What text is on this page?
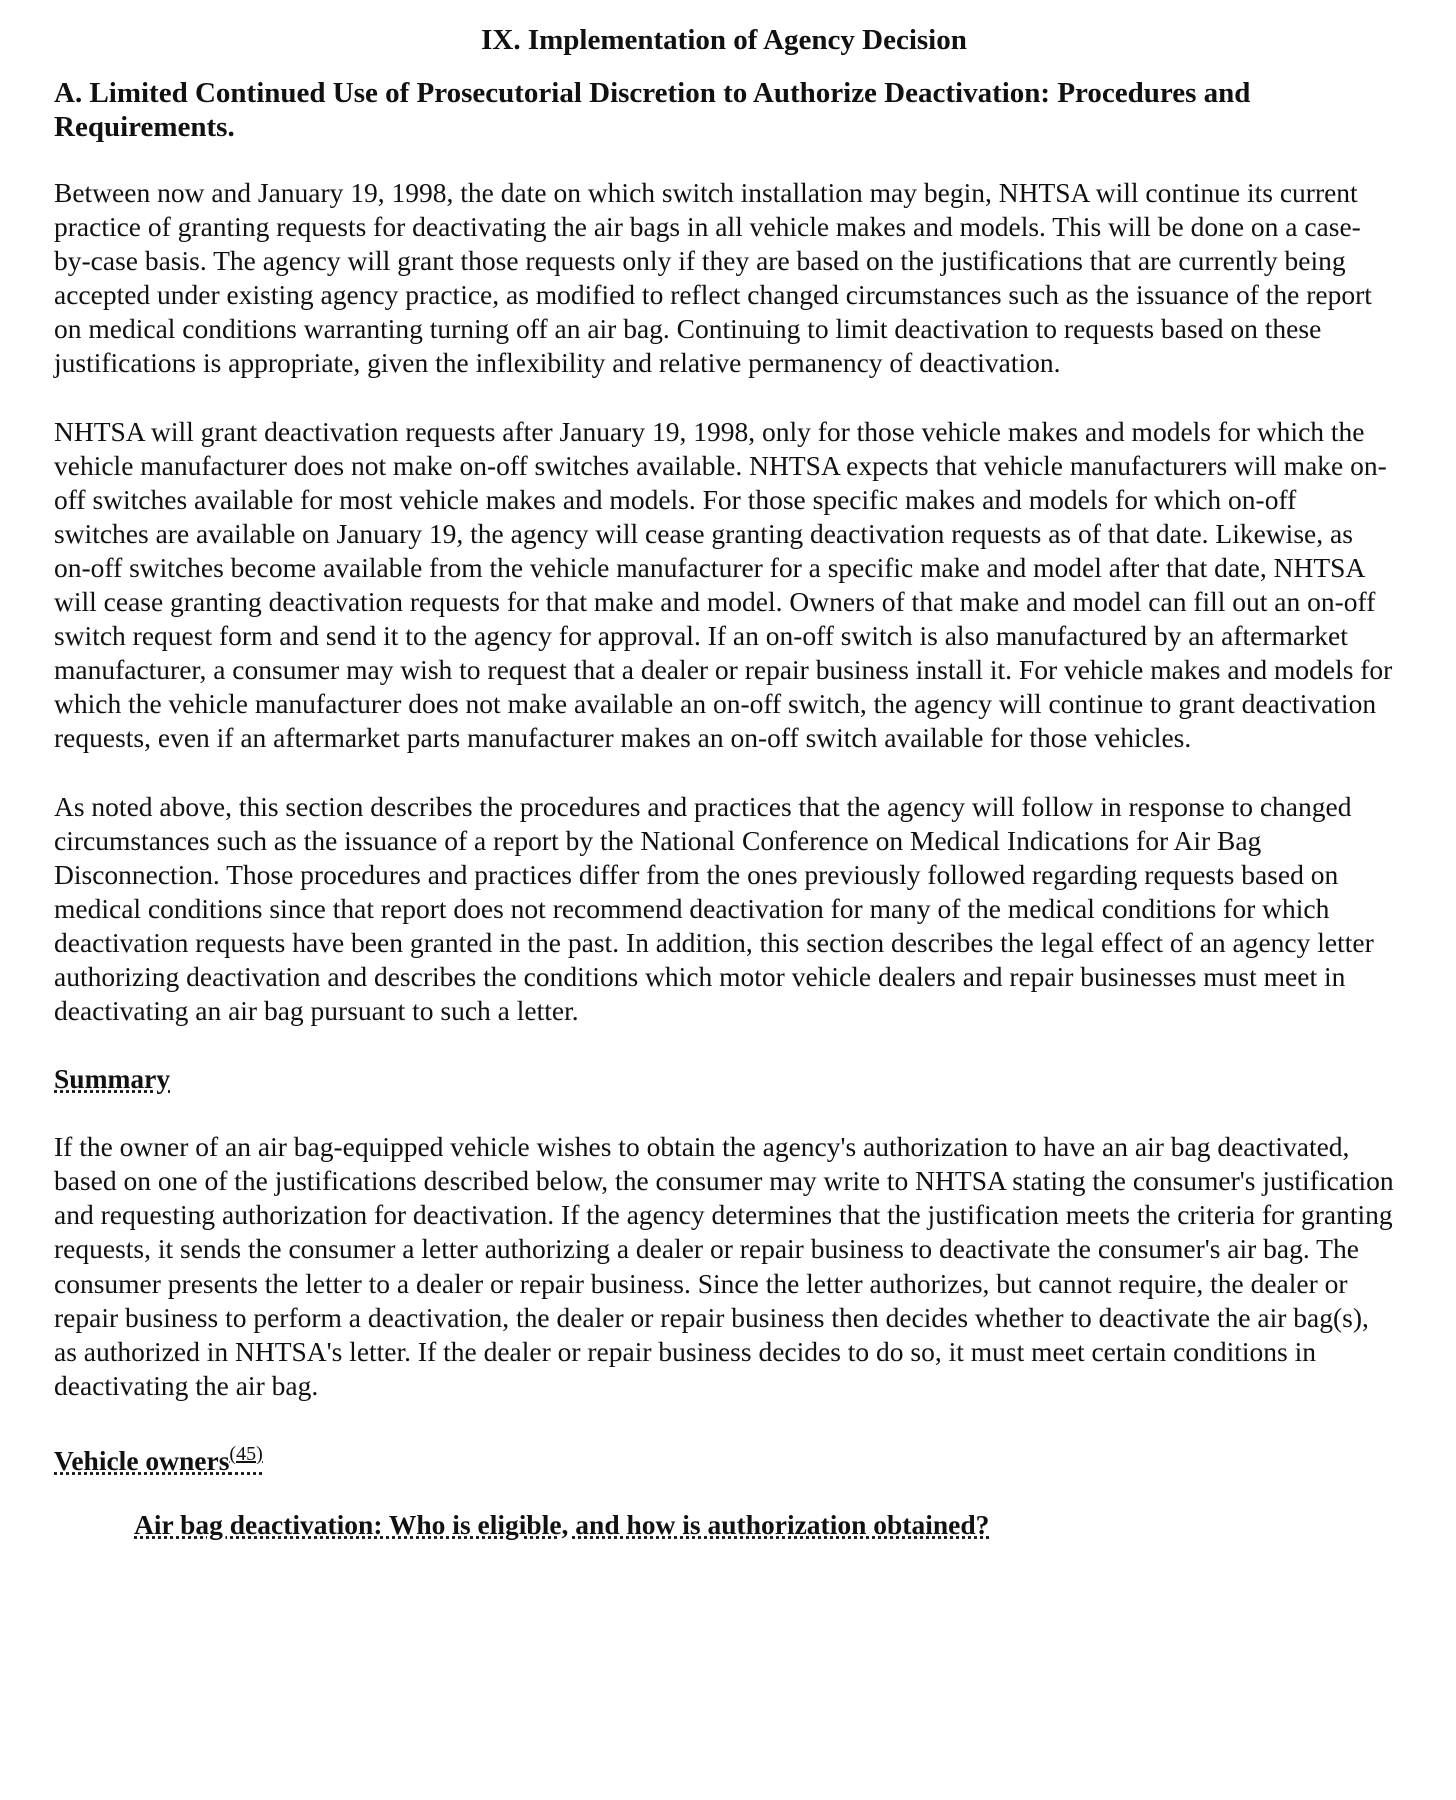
IX. Implementation of Agency Decision
A. Limited Continued Use of Prosecutorial Discretion to Authorize Deactivation: Procedures and Requirements.

Between now and January 19, 1998, the date on which switch installation may begin, NHTSA will continue its current practice of granting requests for deactivating the air bags in all vehicle makes and models. This will be done on a case-by-case basis. The agency will grant those requests only if they are based on the justifications that are currently being accepted under existing agency practice, as modified to reflect changed circumstances such as the issuance of the report on medical conditions warranting turning off an air bag. Continuing to limit deactivation to requests based on these justifications is appropriate, given the inflexibility and relative permanency of deactivation.

NHTSA will grant deactivation requests after January 19, 1998, only for those vehicle makes and models for which the vehicle manufacturer does not make on-off switches available. NHTSA expects that vehicle manufacturers will make on-off switches available for most vehicle makes and models. For those specific makes and models for which on-off switches are available on January 19, the agency will cease granting deactivation requests as of that date. Likewise, as on-off switches become available from the vehicle manufacturer for a specific make and model after that date, NHTSA will cease granting deactivation requests for that make and model. Owners of that make and model can fill out an on-off switch request form and send it to the agency for approval. If an on-off switch is also manufactured by an aftermarket manufacturer, a consumer may wish to request that a dealer or repair business install it. For vehicle makes and models for which the vehicle manufacturer does not make available an on-off switch, the agency will continue to grant deactivation requests, even if an aftermarket parts manufacturer makes an on-off switch available for those vehicles.

As noted above, this section describes the procedures and practices that the agency will follow in response to changed circumstances such as the issuance of a report by the National Conference on Medical Indications for Air Bag Disconnection. Those procedures and practices differ from the ones previously followed regarding requests based on medical conditions since that report does not recommend deactivation for many of the medical conditions for which deactivation requests have been granted in the past. In addition, this section describes the legal effect of an agency letter authorizing deactivation and describes the conditions which motor vehicle dealers and repair businesses must meet in deactivating an air bag pursuant to such a letter.

Summary

If the owner of an air bag-equipped vehicle wishes to obtain the agency's authorization to have an air bag deactivated, based on one of the justifications described below, the consumer may write to NHTSA stating the consumer's justification and requesting authorization for deactivation. If the agency determines that the justification meets the criteria for granting requests, it sends the consumer a letter authorizing a dealer or repair business to deactivate the consumer's air bag. The consumer presents the letter to a dealer or repair business. Since the letter authorizes, but cannot require, the dealer or repair business to perform a deactivation, the dealer or repair business then decides whether to deactivate the air bag(s), as authorized in NHTSA's letter. If the dealer or repair business decides to do so, it must meet certain conditions in deactivating the air bag.

Vehicle owners$^{(45)}$
Air bag deactivation: Who is eligible, and how is authorization obtained?
